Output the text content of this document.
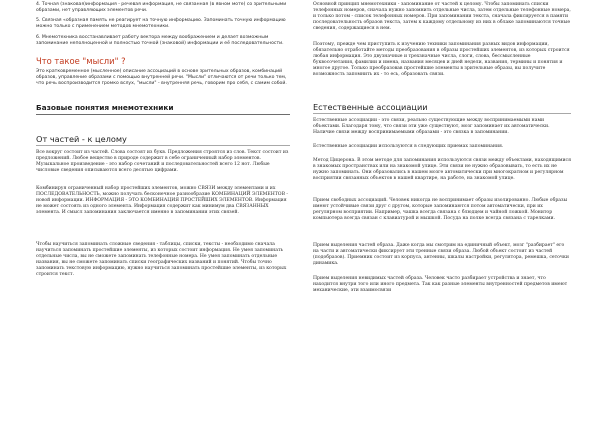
4. Точная (знаковая)информация - речевая информация, не связанная (в явном моте) со зрительными образами, нет управляющих элементов речи.

5. Связная «образная память не реагирует на точную информацию. Запоминать точную информацию можно только с применением методов мнемотехники.

6. Мнемотехника восстанавливает работу вектора между воображением и делает возможным запоминание неполноценной и полностью точной (знаковой) информации и её последовательности.

Что такое "мысли" ?

Это кратковременное (мысленное) описание ассоциаций в основе зрительных образов, комбинаций образов, управление образами с помощью внутренней речи. "Мысли" отличаются от речи только тем, что речь воспроизводится громко вслух, "мысли" - внутренняя речь, говорим про себя, с самим собой.

Базовые понятия мнемотехники
От частей - к целому

Все вокруг состоит из частей. Слова состоят из букв. Предложения строятся из слов. Текст состоит из предложений. Любое вещество в природе содержит в себе ограниченный набор элементов. Музыкальное произведение - это набор сочетаний и последовательностей всего 12 нот. Любые числовые сведения описываются всего десятью цифрами.

Комбинируя ограниченный набор простейших элементов, можно СВЯЗИ между элементами и их ПОСЛЕДОВАТЕЛЬНОСТЬ, можно получать бесконечное разнообразие КОМБИНАЦИЙ ЭЛЕМЕНТОВ - новой информации. ИНФОРМАЦИЯ - ЭТО КОМБИНАЦИЯ ПРОСТЕЙШИХ ЭЛЕМЕНТОВ. Информация не может состоять из одного элемента. Информация содержит как минимум два СВЯЗАННЫХ элемента. И смысл запоминания заключается именно в запоминании этих связей.

Чтобы научиться запоминать сложные сведения - таблицы, списки, тексты - необходимо сначала научиться запоминать простейшие элементы, из которых состоит информация. Не умея запоминать отдельные числа, вы не сможете запоминать телефонные номера. Не умея запоминать отдельные названия, вы не сможете запоминать списки географических названий и понятий. Чтобы точно запоминать текстовую информацию, нужно научиться запоминать простейшие элементы, из которых строится текст.

Основной принцип мнемотехники - запоминание от частей к целому. Чтобы запоминать списки телефонных номеров, сначала нужно запомнить отдельные числа, затем отдельные телефонные номера, и только потом - список телефонных номеров. При запоминании текста, сначала фиксируется в памяти последовательность образов текста, затем к каждому отдельному из них в облаке запоминаются точные сведения, содержащиеся в нем.

Поэтому, прежде чем приступить к изучению техники запоминания разных видов информации, обязательно отработайте методы преобразования в образы простейших элементов, из которых строится любая информация. Это двузначные и трехзначные числа, слоги, слова, бессмысленные буквосочетания, фамилии и имена, названия месяцев и дней недели, названия, термины и понятия и многое другое. Только преобразовав простейшие элементы в зрительные образы, вы получите возможность запомнить их - то есь, образовать связи.

Естественные ассоциации

Естественные ассоциации - это связи, реально существующие между воспринимаемыми нами объектами. Благодаря тому, что связи эти уже существуют, мозг запоминает их автоматически. Наличие связи между воспринимаемыми образами - это связка в запоминании.

Естественные ассоциации используются в следующих приемах запоминания.

Метод Цицерона. В этом методе для запоминания используются связи между объектами, находящимися в знакомых пространствах или на знакомой улице. Эти связи не нужно образовывать, то есть их не нужно запоминать. Они образовались в нашем мозге автоматически при многократном и регулярном восприятии связанных объектов в нашей квартире, на работе, на знакомой улице.

Прием свободных ассоциаций. Человек никогда не воспринимает образы изолированно. Любые образы имеют устойчивые связи друг с другом, которые запоминаются потом автоматически, при их регулярном восприятии. Например, чашка всегда связана с блюдцем и чайной ложкой. Монитор компьютера всегда связан с клавиатурой и мышкой. Посуда на полке всегда связана с тарелками.

Прием выделения частей образа. Даже когда мы смотрим на единичный объект, мозг "разбирает" его на части и автоматически фиксирует эти тренные связи образа. Любой объект состоит из частей (подобразов). Приемник состоит из корпуса, антенны, шкалы настройки, регулятора, ремешка, сеточки динамика.

Прием выделения невидимых частей образа. Человек часто разбирает устройства и знает, что находится внутри того или иного предмета. Так как разные элементы внутренностей предметов имеют механические, эти взаимосвязи
